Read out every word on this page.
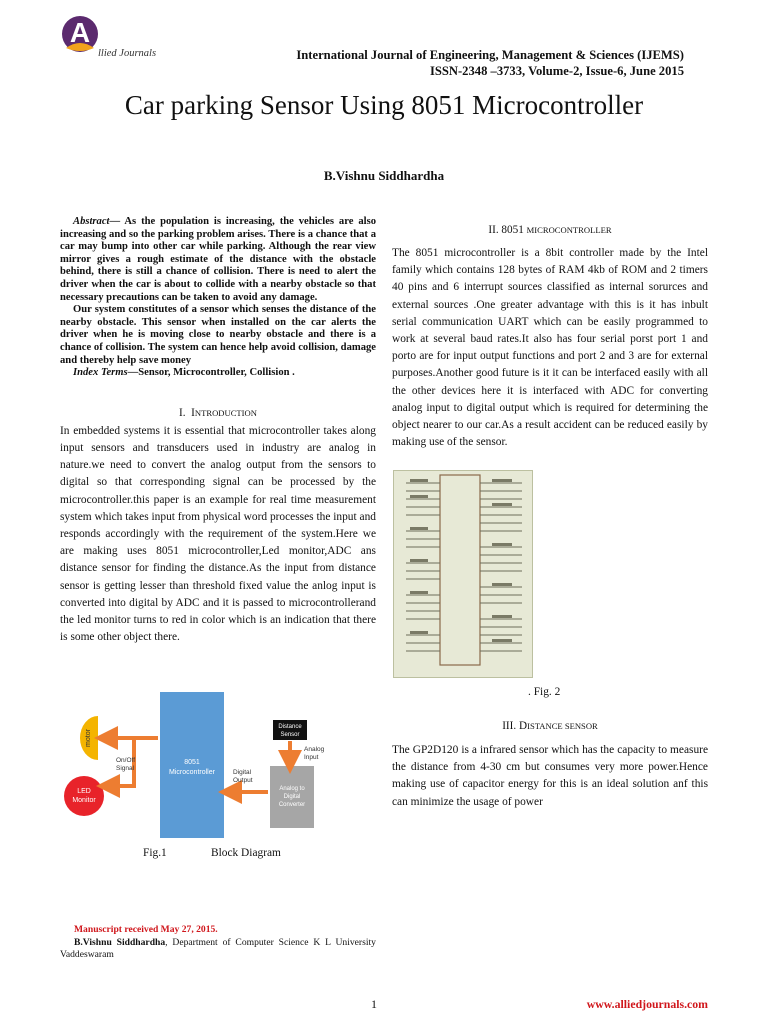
A
llied Journals	International Journal of Engineering, Management & Sciences (IJEMS)
ISSN-2348 –3733, Volume-2, Issue-6, June 2015
Car parking Sensor Using 8051 Microcontroller
B.Vishnu Siddhardha

Abstract— As the population is increasing, the vehicles are also increasing and so the parking problem arises. There is a chance that a car may bump into other car while parking. Although the rear view mirror gives a rough estimate of the distance with the obstacle behind, there is still a chance of collision. There is need to alert the driver when the car is about to collide with a nearby obstacle so that necessary precautions can be taken to avoid any damage.

Our system constitutes of a sensor which senses the distance of the nearby obstacle. This sensor when installed on the car alerts the driver when he is moving close to nearby obstacle and there is a chance of collision. The system can hence help avoid collision, damage and thereby help save money

Index Terms—Sensor, Microcontroller, Collision .

I. INTRODUCTION

In embedded systems it is essential that microcontroller takes along input sensors and transducers used in industry are analog in nature.we need to convert the analog output from the sensors to digital so that corresponding signal can be processed by the microcontroller.this paper is an example for real time measurement system which takes input from physical word processes the input and responds accordingly with the requirement of the system.Here we are making uses 8051 microcontroller,Led monitor,ADC ans distance sensor for finding the distance.As the input from distance sensor is getting lesser than threshold fixed value the anlog input is converted into digital by ADC and it is passed to microcontrollerand the led monitor turns to red in color which is an indication that there is some other object there.

motor
LED
Monitor
8051
Microcontroller
Distance
Sensor
Analog to
Digital
Converter
On/Off
Signal
Digital
Output
Analog
Input
Fig.1	Block Diagram
Manuscript received May 27, 2015.
B.Vishnu Siddhardha, Department of Computer Science K L University Vaddeswaram
II. 8051 MICROCONTROLLER

The 8051 microcontroller is a 8bit controller made by the Intel family which contains 128 bytes of RAM 4kb of ROM and 2 timers 40 pins and 6 interrupt sources classified as internal sorurces and external sources .One greater advantage with this is it has inbult serial communication UART which can be easily programmed to work at several baud rates.It also has four serial porst port 1 and porto are for input output functions and port 2 and 3 are for external purposes.Another good future is it it can be interfaced easily with all the other devices here it is interfaced with ADC for converting analog input to digital output which is required for determining the object nearer to our car.As a result accident can be reduced easily by making use of the sensor.

. Fig. 2
III. DISTANCE SENSOR

The GP2D120 is a infrared sensor which has the capacity to measure the distance from 4-30 cm but consumes very more power.Hence making use of capacitor energy for this is an ideal solution anf this can minimize the usage of power

1	www.alliedjournals.com
